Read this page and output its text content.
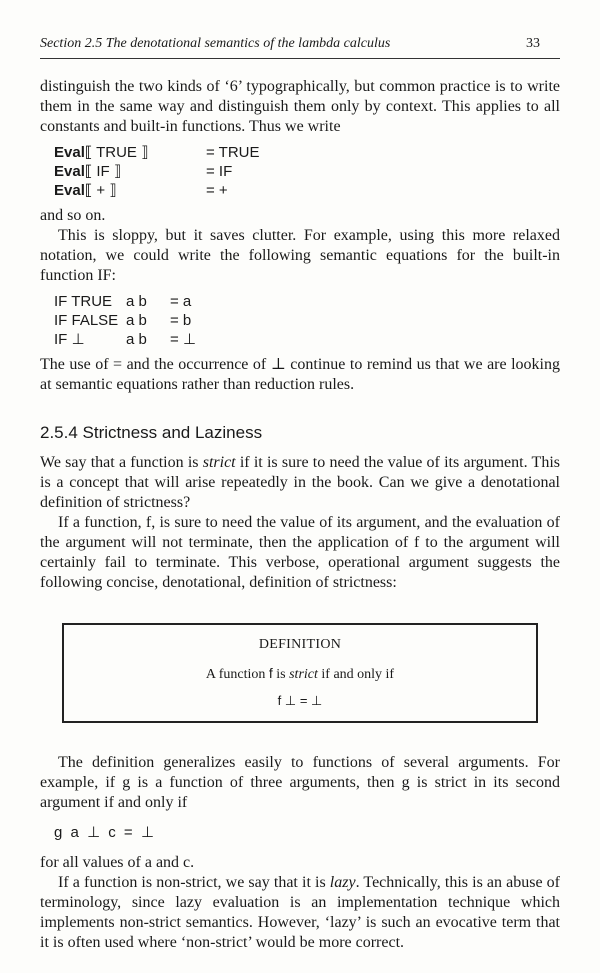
Section 2.5 The denotational semantics of the lambda calculus	33

distinguish the two kinds of ‘6’ typographically, but common practice is to write them in the same way and distinguish them only by context. This applies to all constants and built-in functions. Thus we write

Eval⟦ TRUE ⟧	= TRUE
Eval⟦ IF ⟧	= IF
Eval⟦ + ⟧	= +

and so on.

This is sloppy, but it saves clutter. For example, using this more relaxed notation, we could write the following semantic equations for the built-in function IF:

IF TRUE a b	= a
IF FALSE a b	= b
IF ⊥	a b	= ⊥

The use of = and the occurrence of ⊥ continue to remind us that we are looking at semantic equations rather than reduction rules.

2.5.4 Strictness and Laziness

We say that a function is strict if it is sure to need the value of its argument. This is a concept that will arise repeatedly in the book. Can we give a denotational definition of strictness?

If a function, f, is sure to need the value of its argument, and the evaluation of the argument will not terminate, then the application of f to the argument will certainly fail to terminate. This verbose, operational argument suggests the following concise, denotational, definition of strictness:

DEFINITION
A function f is strict if and only if
f ⊥ = ⊥

The definition generalizes easily to functions of several arguments. For example, if g is a function of three arguments, then g is strict in its second argument if and only if

g a ⊥ c = ⊥

for all values of a and c.

If a function is non-strict, we say that it is lazy. Technically, this is an abuse of terminology, since lazy evaluation is an implementation technique which implements non-strict semantics. However, ‘lazy’ is such an evocative term that it is often used where ‘non-strict’ would be more correct.
